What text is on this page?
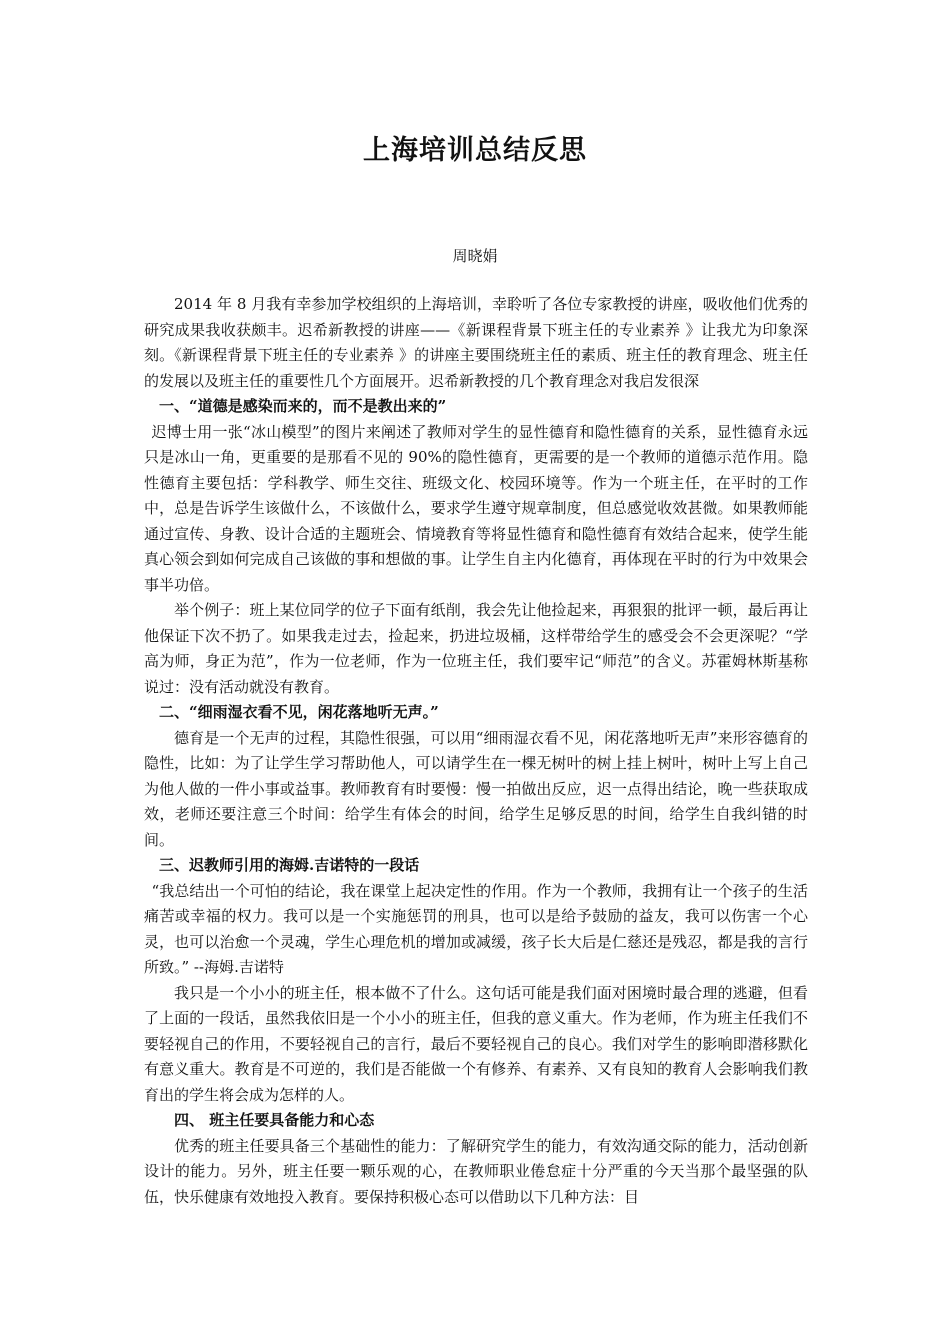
上海培训总结反思
周晓娟

2014 年 8 月我有幸参加学校组织的上海培训，幸聆听了各位专家教授的讲座，吸收他们优秀的研究成果我收获颇丰。迟希新教授的讲座——《新课程背景下班主任的专业素养 》让我尤为印象深刻。《新课程背景下班主任的专业素养 》的讲座主要围绕班主任的素质、班主任的教育理念、班主任的发展以及班主任的重要性几个方面展开。迟希新教授的几个教育理念对我启发很深

一、“道德是感染而来的，而不是教出来的”

迟博士用一张“冰山模型”的图片来阐述了教师对学生的显性德育和隐性德育的关系，显性德育永远只是冰山一角，更重要的是那看不见的 90%的隐性德育，更需要的是一个教师的道德示范作用。隐性德育主要包括：学科教学、师生交往、班级文化、校园环境等。作为一个班主任，在平时的工作中，总是告诉学生该做什么，不该做什么，要求学生遵守规章制度，但总感觉收效甚微。如果教师能通过宣传、身教、设计合适的主题班会、情境教育等将显性德育和隐性德育有效结合起来，使学生能真心领会到如何完成自己该做的事和想做的事。让学生自主内化德育，再体现在平时的行为中效果会事半功倍。

举个例子：班上某位同学的位子下面有纸削，我会先让他捡起来，再狠狠的批评一顿，最后再让他保证下次不扔了。如果我走过去，捡起来，扔进垃圾桶，这样带给学生的感受会不会更深呢？“学高为师，身正为范”，作为一位老师，作为一位班主任，我们要牢记“师范”的含义。苏霍姆林斯基称说过：没有活动就没有教育。

二、“细雨湿衣看不见，闲花落地听无声。”

德育是一个无声的过程，其隐性很强，可以用“细雨湿衣看不见，闲花落地听无声”来形容德育的隐性，比如：为了让学生学习帮助他人，可以请学生在一棵无树叶的树上挂上树叶，树叶上写上自己为他人做的一件小事或益事。教师教育有时要慢：慢一拍做出反应，迟一点得出结论，晚一些获取成效，老师还要注意三个时间：给学生有体会的时间，给学生足够反思的时间，给学生自我纠错的时间。

三、迟教师引用的海姆.吉诺特的一段话

“我总结出一个可怕的结论，我在课堂上起决定性的作用。作为一个教师，我拥有让一个孩子的生活痛苦或幸福的权力。我可以是一个实施惩罚的刑具，也可以是给予鼓励的益友，我可以伤害一个心灵，也可以治愈一个灵魂，学生心理危机的增加或减缓，孩子长大后是仁慈还是残忍，都是我的言行所致。” --海姆.吉诺特

我只是一个小小的班主任，根本做不了什么。这句话可能是我们面对困境时最合理的逃避，但看了上面的一段话，虽然我依旧是一个小小的班主任，但我的意义重大。作为老师，作为班主任我们不要轻视自己的作用，不要轻视自己的言行，最后不要轻视自己的良心。我们对学生的影响即潜移默化有意义重大。教育是不可逆的，我们是否能做一个有修养、有素养、又有良知的教育人会影响我们教育出的学生将会成为怎样的人。

四、 班主任要具备能力和心态

优秀的班主任要具备三个基础性的能力：了解研究学生的能力，有效沟通交际的能力，活动创新设计的能力。另外，班主任要一颗乐观的心，在教师职业倦怠症十分严重的今天当那个最坚强的队伍，快乐健康有效地投入教育。要保持积极心态可以借助以下几种方法：目
